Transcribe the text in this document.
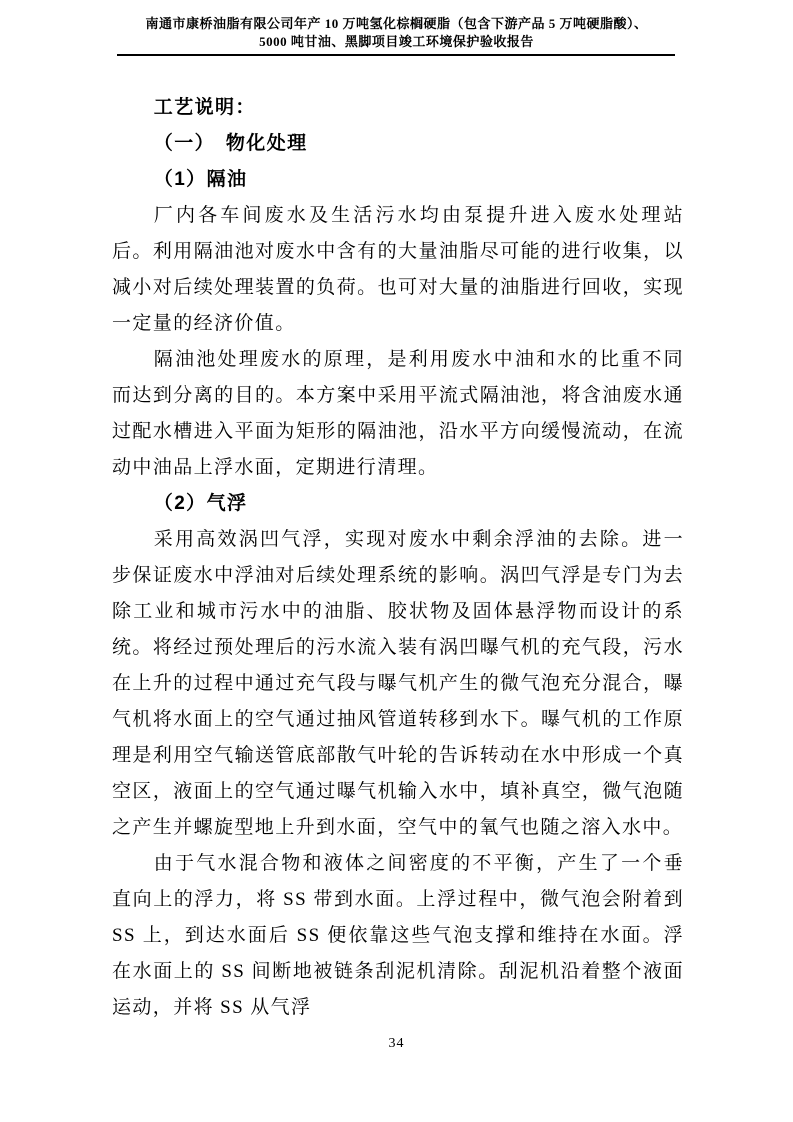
南通市康桥油脂有限公司年产 10 万吨氢化棕榈硬脂（包含下游产品 5 万吨硬脂酸）、
5000 吨甘油、黑脚项目竣工环境保护验收报告
工艺说明：
（一）　物化处理
（1）隔油
厂内各车间废水及生活污水均由泵提升进入废水处理站后。利用隔油池对废水中含有的大量油脂尽可能的进行收集，以减小对后续处理装置的负荷。也可对大量的油脂进行回收，实现一定量的经济价值。
隔油池处理废水的原理，是利用废水中油和水的比重不同而达到分离的目的。本方案中采用平流式隔油池，将含油废水通过配水槽进入平面为矩形的隔油池，沿水平方向缓慢流动，在流动中油品上浮水面，定期进行清理。
（2）气浮
采用高效涡凹气浮，实现对废水中剩余浮油的去除。进一步保证废水中浮油对后续处理系统的影响。涡凹气浮是专门为去除工业和城市污水中的油脂、胶状物及固体悬浮物而设计的系统。将经过预处理后的污水流入装有涡凹曝气机的充气段，污水在上升的过程中通过充气段与曝气机产生的微气泡充分混合，曝气机将水面上的空气通过抽风管道转移到水下。曝气机的工作原理是利用空气输送管底部散气叶轮的告诉转动在水中形成一个真空区，液面上的空气通过曝气机输入水中，填补真空，微气泡随之产生并螺旋型地上升到水面，空气中的氧气也随之溶入水中。
由于气水混合物和液体之间密度的不平衡，产生了一个垂直向上的浮力，将 SS 带到水面。上浮过程中，微气泡会附着到 SS 上，到达水面后 SS 便依靠这些气泡支撑和维持在水面。浮在水面上的 SS 间断地被链条刮泥机清除。刮泥机沿着整个液面运动，并将 SS 从气浮
34
